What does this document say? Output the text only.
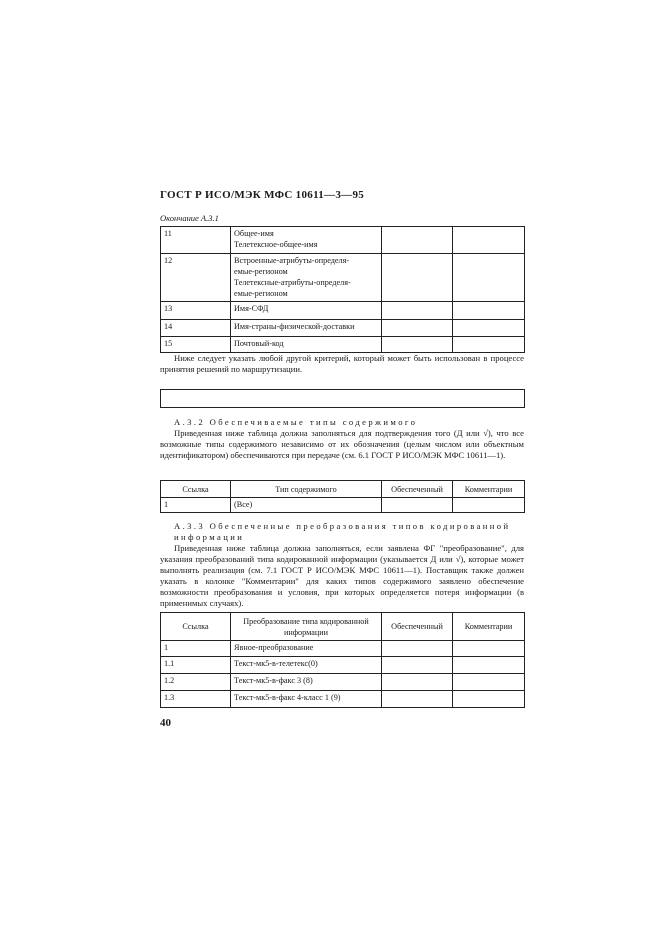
ГОСТ Р ИСО/МЭК МФС 10611—3—95
Окончание А.3.1
11	Общее-имя
Телетексное-общее-имя		
12	Встроенные-атрибуты-определя-
емые-регионом
Телетексные-атрибуты-определя-
емые-регионом		
13	Имя-СФД		
14	Имя-страны-физической-доставки		
15	Почтовый-код		
Ниже следует указать любой другой критерий, который может быть использован в процессе принятия решений по маршрутизации.
А.3.2 Обеспечиваемые типы содержимого
Приведенная ниже таблица должна заполняться для подтверждения того (Д или √), что все возможные типы содержимого независимо от их обозначения (целым числом или объектным идентификатором) обеспечиваются при передаче (см. 6.1 ГОСТ Р ИСО/МЭК МФС 10611—1).
Ссылка	Тип содержимого	Обеспеченный	Комментарии
1	(Все)		
А.3.3 Обеспеченные преобразования типов кодированной информации
Приведенная ниже таблица должна заполняться, если заявлена ФГ "преобразование", для указания преобразований типа кодированной информации (указывается Д или √), которые может выполнять реализация (см. 7.1 ГОСТ Р ИСО/МЭК МФС 10611—1). Поставщик также должен указать в колонке "Комментарии" для каких типов содержимого заявлено обеспечение возможности преобразования и условия, при которых определяется потеря информации (в применимых случаях).
Ссылка	Преобразование типа кодированной информации	Обеспеченный	Комментарии
1	Явное-преобразование		
1.1	Текст-мк5-в-телетекс(0)		
1.2	Текст-мк5-в-факс 3 (8)		
1.3	Текст-мк5-в-факс 4-класс 1 (9)		
40
